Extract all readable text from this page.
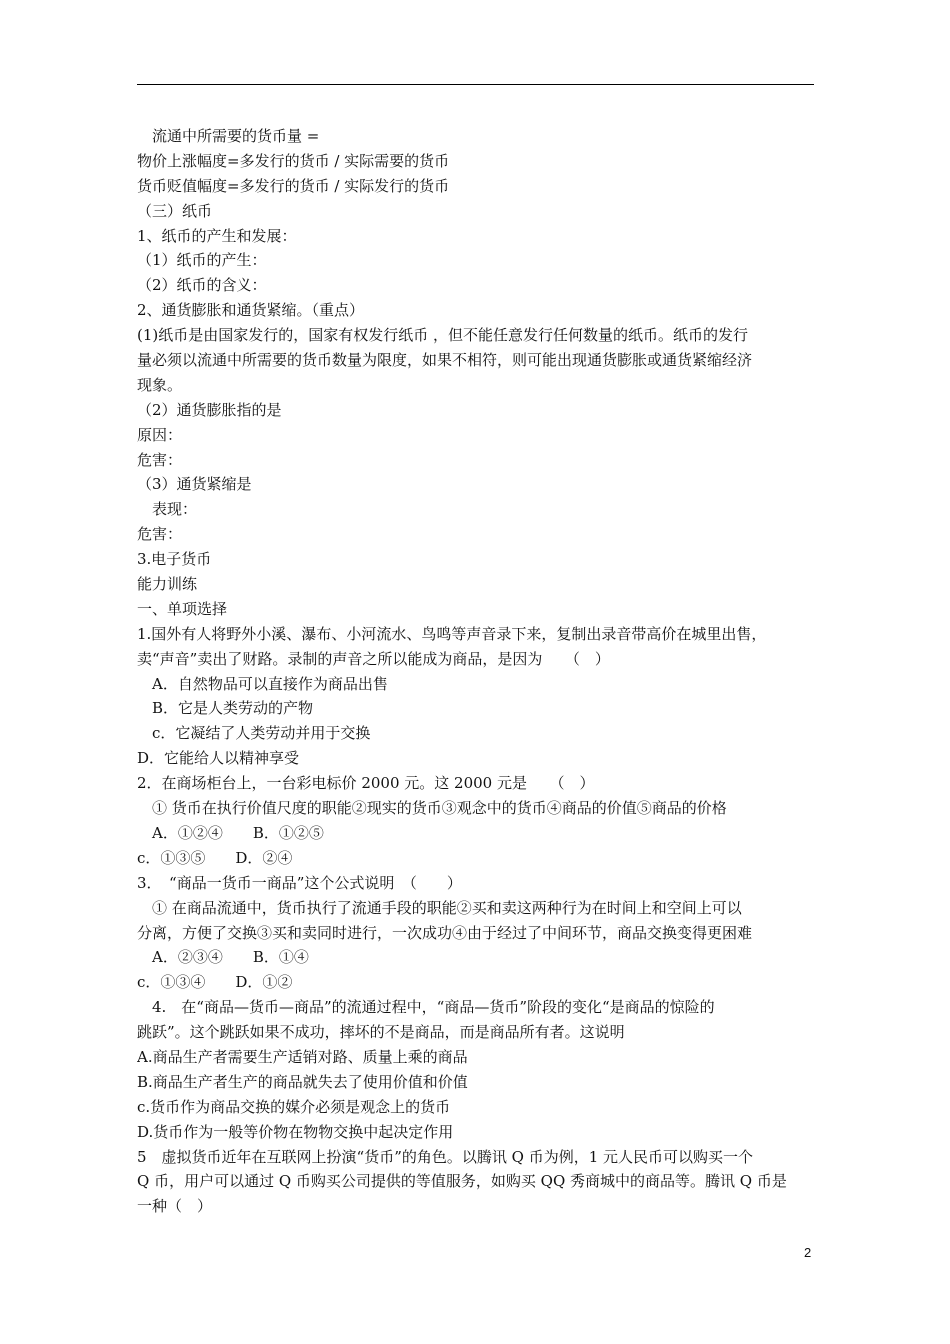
　流通中所需要的货币量 =
物价上涨幅度=多发行的货币 / 实际需要的货币
货币贬值幅度=多发行的货币 / 实际发行的货币
（三）纸币
1、纸币的产生和发展：
（1）纸币的产生：
（2）纸币的含义：
2、通货膨胀和通货紧缩。（重点）
(1)纸币是由国家发行的，国家有权发行纸币 ，但不能任意发行任何数量的纸币。纸币的发行
量必须以流通中所需要的货币数量为限度，如果不相符，则可能出现通货膨胀或通货紧缩经济
现象。
（2）通货膨胀指的是
原因：
危害：
（3）通货紧缩是
　表现：
危害：
3.电子货币
能力训练
一、单项选择
1.国外有人将野外小溪、瀑布、小河流水、鸟鸣等声音录下来，复制出录音带高价在城里出售，
卖“声音”卖出了财路。录制的声音之所以能成为商品，是因为　　（　）
　A．自然物品可以直接作为商品出售
　B．它是人类劳动的产物
　c．它凝结了人类劳动并用于交换
D．它能给人以精神享受
2．在商场柜台上，一台彩电标价 2000 元。这 2000 元是　　（　）
　① 货币在执行价值尺度的职能②现实的货币③观念中的货币④商品的价值⑤商品的价格
　A．①②④　　B．①②⑤
c．①③⑤　　D．②④
3．　“商品一货币一商品”这个公式说明　（　　）
　① 在商品流通中，货币执行了流通手段的职能②买和卖这两种行为在时间上和空间上可以
分离，方便了交换③买和卖同时进行，一次成功④由于经过了中间环节，商品交换变得更困难
　A．②③④　　B．①④
c．①③④　　D．①②
　4.　在“商品—货币—商品”的流通过程中，“商品—货币”阶段的变化“是商品的惊险的
跳跃”。这个跳跃如果不成功，摔坏的不是商品，而是商品所有者。这说明
A.商品生产者需要生产适销对路、质量上乘的商品
B.商品生产者生产的商品就失去了使用价值和价值
c.货币作为商品交换的媒介必须是观念上的货币
D.货币作为一般等价物在物物交换中起决定作用
5　虚拟货币近年在互联网上扮演“货币”的角色。以腾讯 Q 币为例，1 元人民币可以购买一个
Q 币，用户可以通过 Q 币购买公司提供的等值服务，如购买 QQ 秀商城中的商品等。腾讯 Q 币是
一种（　）
2
